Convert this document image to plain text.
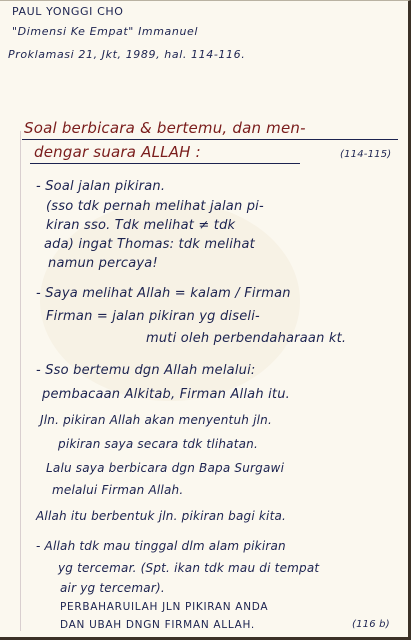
PAUL YONGGI CHO
"Dimensi Ke Empat" Immanuel
Proklamasi 21, Jkt, 1989, hal. 114-116.
Soal berbicara & bertemu, dan men-
dengar suara ALLAH :	(114-115)
- Soal jalan pikiran.
(sso tdk pernah melihat jalan pi-
kiran sso. Tdk melihat ≠ tdk
ada) ingat Thomas: tdk melihat
namun percaya!
- Saya melihat Allah = kalam / Firman
Firman = jalan pikiran yg diseli-
muti oleh perbendaharaan kt.
- Sso bertemu dgn Allah melalui:
pembacaan Alkitab, Firman Allah itu.
Jln. pikiran Allah akan menyentuh jln.
pikiran saya secara tdk tlihatan.
Lalu saya berbicara dgn Bapa Surgawi
melalui Firman Allah.
Allah itu berbentuk jln. pikiran bagi kita.
- Allah tdk mau tinggal dlm alam pikiran
yg tercemar. (Spt. ikan tdk mau di tempat
air yg tercemar).
PERBAHARUILAH JLN PIKIRAN ANDA
DAN UBAH DNGN FIRMAN ALLAH.	(116 b)
